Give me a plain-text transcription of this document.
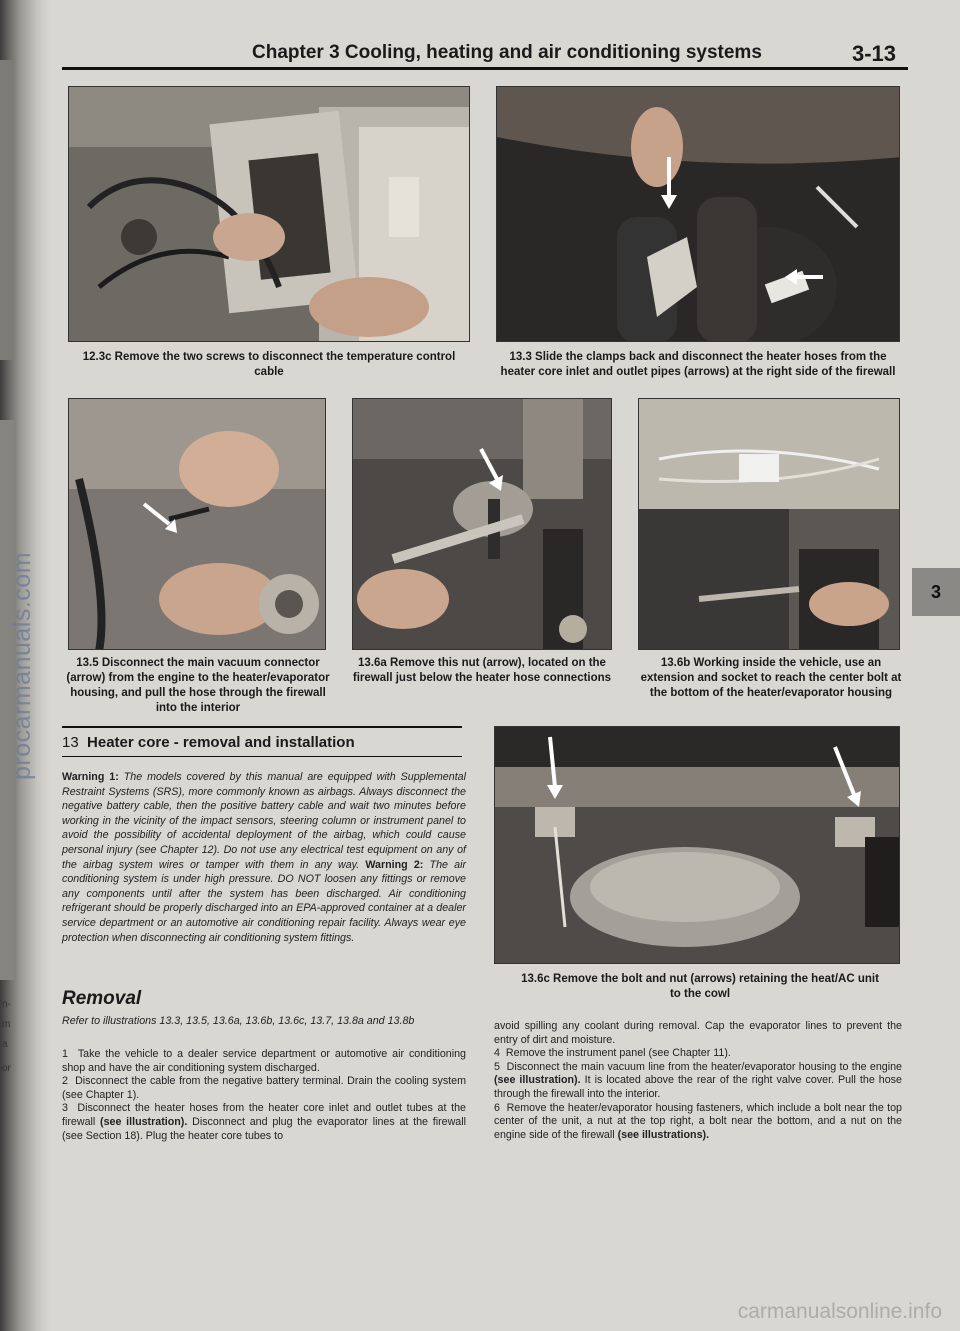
n-
m
a
or
procarmanuals.com
carmanualsonline.info
Chapter 3 Cooling, heating and air conditioning systems	3-13
12.3c Remove the two screws to disconnect the temperature control cable
13.3 Slide the clamps back and disconnect the heater hoses from the heater core inlet and outlet pipes (arrows) at the right side of the firewall
13.5 Disconnect the main vacuum connector (arrow) from the engine to the heater/evaporator housing, and pull the hose through the firewall into the interior
13.6a Remove this nut (arrow), located on the firewall just below the heater hose connections
13.6b Working inside the vehicle, use an extension and socket to reach the center bolt at the bottom of the heater/evaporator housing
3
13 Heater core - removal and installation
Warning 1: The models covered by this manual are equipped with Supplemental Restraint Systems (SRS), more commonly known as airbags. Always disconnect the negative battery cable, then the positive battery cable and wait two minutes before working in the vicinity of the impact sensors, steering column or instrument panel to avoid the possibility of accidental deployment of the airbag, which could cause personal injury (see Chapter 12). Do not use any electrical test equipment on any of the airbag system wires or tamper with them in any way. Warning 2: The air conditioning system is under high pressure. DO NOT loosen any fittings or remove any components until after the system has been discharged. Air conditioning refrigerant should be properly discharged into an EPA-approved container at a dealer service department or an automotive air conditioning repair facility. Always wear eye protection when disconnecting air conditioning system fittings.
Removal
Refer to illustrations 13.3, 13.5, 13.6a, 13.6b, 13.6c, 13.7, 13.8a and 13.8b

1 Take the vehicle to a dealer service department or automotive air conditioning shop and have the air conditioning system discharged.

2 Disconnect the cable from the negative battery terminal. Drain the cooling system (see Chapter 1).

3 Disconnect the heater hoses from the heater core inlet and outlet tubes at the firewall (see illustration). Disconnect and plug the evaporator lines at the firewall (see Section 18). Plug the heater core tubes to

13.6c Remove the bolt and nut (arrows) retaining the heat/AC unit to the cowl

avoid spilling any coolant during removal. Cap the evaporator lines to prevent the entry of dirt and moisture.

4 Remove the instrument panel (see Chapter 11).

5 Disconnect the main vacuum line from the heater/evaporator housing to the engine (see illustration). It is located above the rear of the right valve cover. Pull the hose through the firewall into the interior.

6 Remove the heater/evaporator housing fasteners, which include a bolt near the top center of the unit, a nut at the top right, a bolt near the bottom, and a nut on the engine side of the firewall (see illustrations).
